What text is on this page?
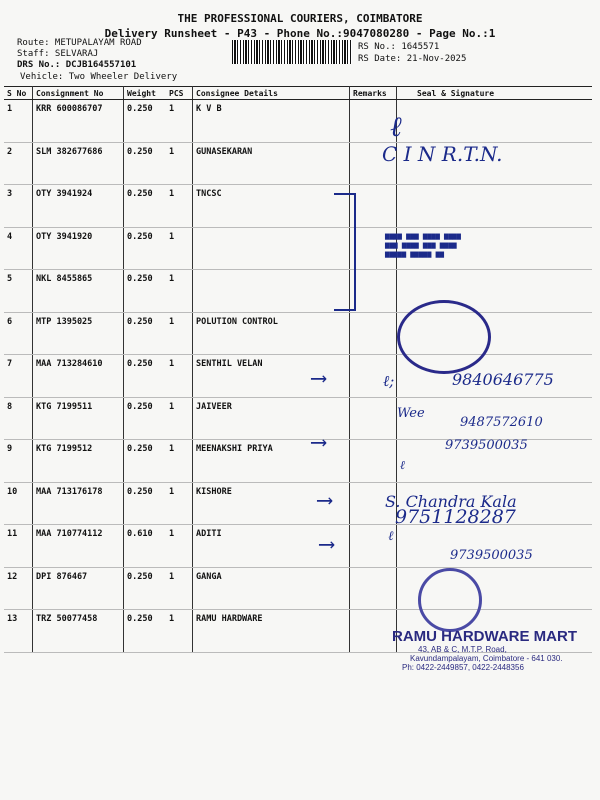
THE PROFESSIONAL COURIERS, COIMBATORE
Delivery Runsheet - P43 - Phone No.:9047080280 - Page No.:1
Route: METUPALAYAM ROAD
Staff: SELVARAJ
DRS No.: DCJB164557101
Vehicle: Two Wheeler Delivery
RS No.: 1645571
RS Date: 21-Nov-2025
S No	Consignment No	Weight	PCS	Consignee Details	Remarks	Seal & Signature
1	KRR 600086707	0.250	1	K V B		
2	SLM 382677686	0.250	1	GUNASEKARAN		
3	OTY 3941924	0.250	1	TNCSC		
4	OTY 3941920	0.250	1			
5	NKL 8455865	0.250	1			
6	MTP 1395025	0.250	1	POLUTION CONTROL		
7	MAA 713284610	0.250	1	SENTHIL VELAN		
8	KTG 7199511	0.250	1	JAIVEER		
9	KTG 7199512	0.250	1	MEENAKSHI PRIYA		
10	MAA 713176178	0.250	1	KISHORE		
11	MAA 710774112	0.610	1	ADITI		
12	DPI 876467	0.250	1	GANGA		
13	TRZ 50077458	0.250	1	RAMU HARDWARE		
ℓ
C I N R.T.N.
▆▆▆▆ ▆▆▆ ▆▆▆▆ ▆▆▆▆
▆▆▆ ▆▆▆▆ ▆▆▆ ▆▆▆▆
▆▆▆▆▆ ▆▆▆▆▆ ▆▆
⟶
⟶
⟶
⟶
ℓ;	9840646775
Wee
9487572610
ℓ
9739500035
S. Chandra Kala
9751128287
ℓ
9739500035
RAMU HARDWARE MART
43, AB & C, M.T.P. Road,
Kavundampalayam, Coimbatore - 641 030.
Ph: 0422-2449857, 0422-2448356
